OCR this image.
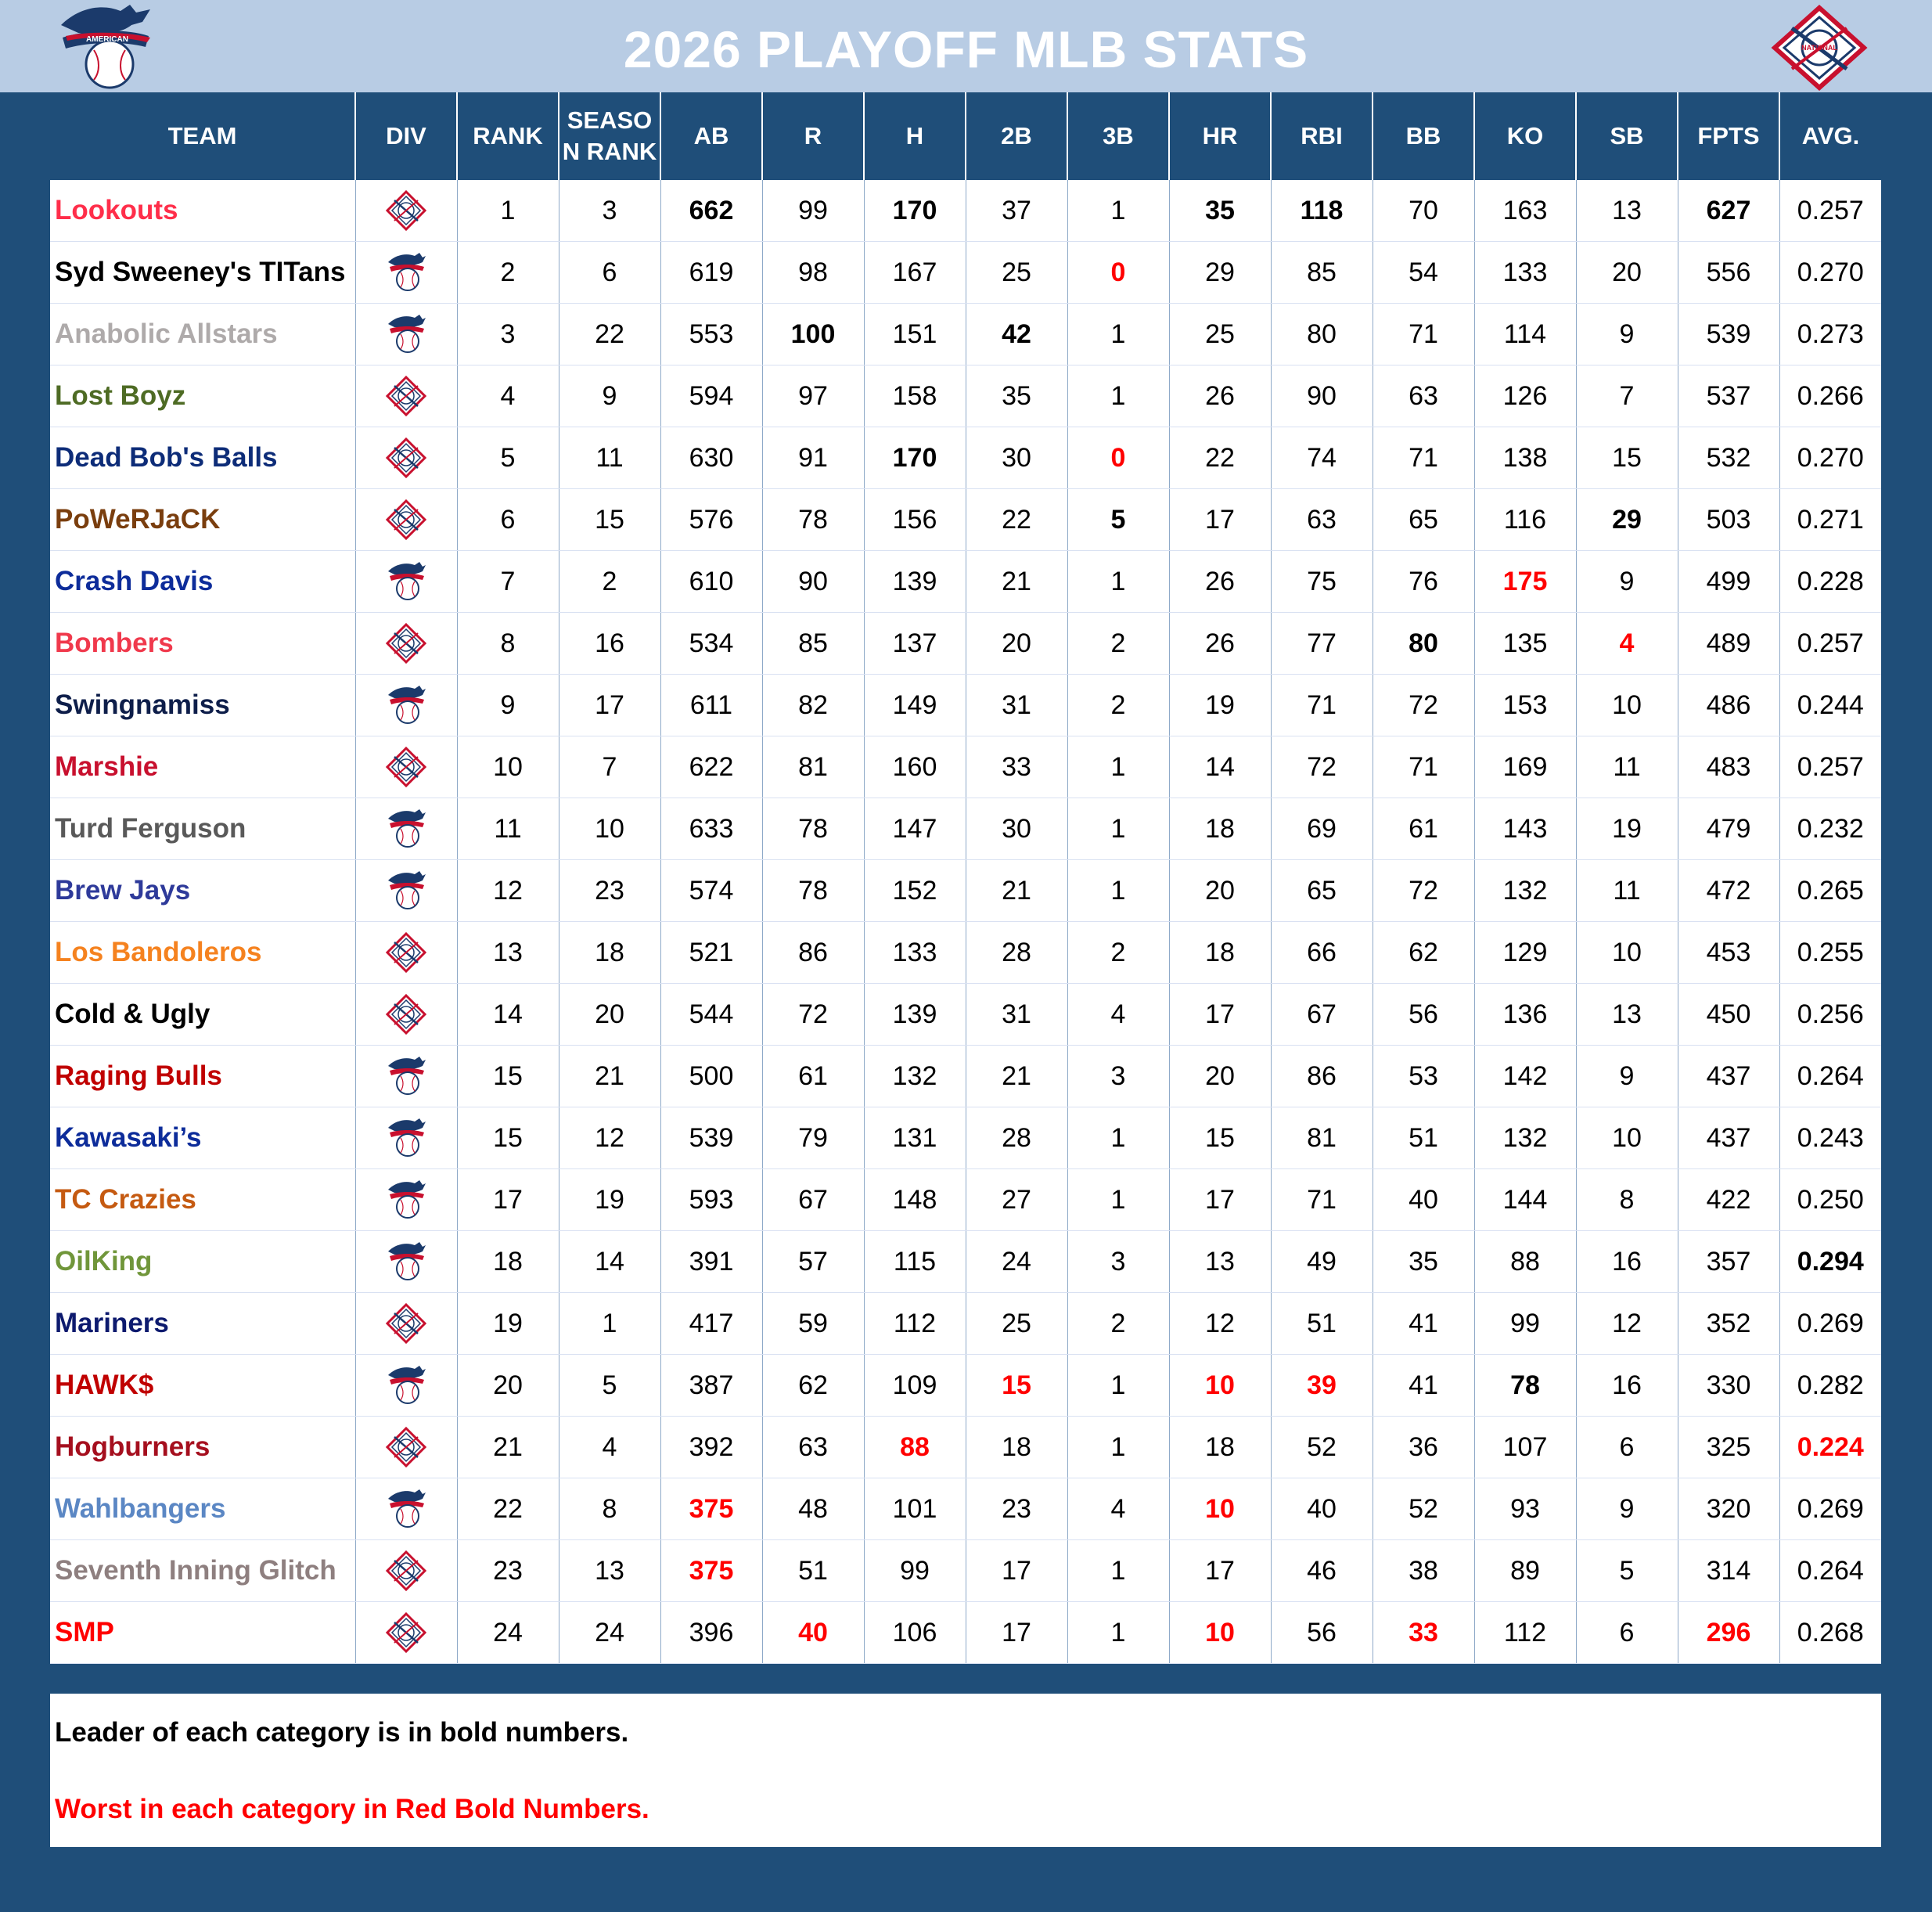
2026 PLAYOFF MLB STATS
AMERICAN
NATIONAL
	TEAM	DIV	RANK	SEASO
N RANK	AB	R	H	2B	3B	HR	RBI	BB	KO	SB	FPTS	AVG.	
	Lookouts		1	3	662	99	170	37	1	35	118	70	163	13	627	0.257	
	Syd Sweeney's TITans		2	6	619	98	167	25	0	29	85	54	133	20	556	0.270	
	Anabolic Allstars		3	22	553	100	151	42	1	25	80	71	114	9	539	0.273	
	Lost Boyz		4	9	594	97	158	35	1	26	90	63	126	7	537	0.266	
	Dead Bob's Balls		5	11	630	91	170	30	0	22	74	71	138	15	532	0.270	
	PoWeRJaCK		6	15	576	78	156	22	5	17	63	65	116	29	503	0.271	
	Crash Davis		7	2	610	90	139	21	1	26	75	76	175	9	499	0.228	
	Bombers		8	16	534	85	137	20	2	26	77	80	135	4	489	0.257	
	Swingnamiss		9	17	611	82	149	31	2	19	71	72	153	10	486	0.244	
	Marshie		10	7	622	81	160	33	1	14	72	71	169	11	483	0.257	
	Turd Ferguson		11	10	633	78	147	30	1	18	69	61	143	19	479	0.232	
	Brew Jays		12	23	574	78	152	21	1	20	65	72	132	11	472	0.265	
	Los Bandoleros		13	18	521	86	133	28	2	18	66	62	129	10	453	0.255	
	Cold & Ugly		14	20	544	72	139	31	4	17	67	56	136	13	450	0.256	
	Raging Bulls		15	21	500	61	132	21	3	20	86	53	142	9	437	0.264	
	Kawasaki’s		15	12	539	79	131	28	1	15	81	51	132	10	437	0.243	
	TC Crazies		17	19	593	67	148	27	1	17	71	40	144	8	422	0.250	
	OilKing		18	14	391	57	115	24	3	13	49	35	88	16	357	0.294	
	Mariners		19	1	417	59	112	25	2	12	51	41	99	12	352	0.269	
	HAWK$		20	5	387	62	109	15	1	10	39	41	78	16	330	0.282	
	Hogburners		21	4	392	63	88	18	1	18	52	36	107	6	325	0.224	
	Wahlbangers		22	8	375	48	101	23	4	10	40	52	93	9	320	0.269	
	Seventh Inning Glitch		23	13	375	51	99	17	1	17	46	38	89	5	314	0.264	
	SMP		24	24	396	40	106	17	1	10	56	33	112	6	296	0.268	
Leader of each category is in bold numbers.
Worst in each category in Red Bold Numbers.
